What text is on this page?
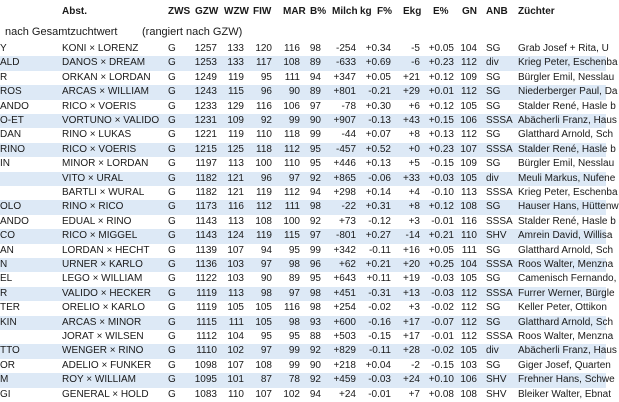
Abst.	ZWS GZW WZW FIW MAR B% Milch kg F% Ekg E% GN ANB Züchter
nach Gesamtzuchtwert (rangiert nach GZW)
Y	KONI × LORENZ	G	1257	133	120	116 98	-254 +0.34	-5 +0.05 104 SG	Grab Josef + Rita, U
ALD	DANOS × DREAM	G	1253	133	117	108 89	-633 +0.69	-6 +0.23 112 div	Krieg Peter, Eschenba
R	ORKAN × LORDAN	G	1249	119	95	111 94	+347 +0.05	+21 +0.12 109 SG	Bürgler Emil, Nesslau
ROS	ARCAS × WILLIAM	G	1243	115	96	90 89	+801	-0.21	+29 +0.01 112 SG	Niederberger Paul, Da
ANDO	RICO × VOERIS	G	1233	129	116	106 97	-78 +0.30	+6 +0.12 105 SG	Stalder René, Hasle b
O-ET	VORTUNO × VALIDO G	1231	109	92	99 90	+907	-0.13	+43 +0.15 106 SSSA Abächerli Franz, Haus
DAN	RINO × LUKAS	G	1221	119	110	118 99	-44 +0.07	+8 +0.13 112 SG	Glatthard Arnold, Sch
RINO	RICO × VOERIS	G	1215	125	118	112 95	-457 +0.52	+0 +0.23 107 SSSA Stalder René, Hasle b
IN	MINOR × LORDAN	G	1197	113	100	110 95	+446 +0.13	+5	-0.15 109 SG	Bürgler Emil, Nesslau
VITO × URAL	G	1182	121	96	97 92	+865	-0.06	+33 +0.03 105 div	Meuli Markus, Nufene
BARTLI × WURAL	G	1182	121	119	112 94	+298 +0.14	+4	-0.10 113 SSSA Krieg Peter, Eschenba
OLO	RINO × RICO	G	1173	116	112	111 98	-22 +0.31	+8 +0.12 108 SG	Hauser Hans, Hüttenw
ANDO	EDUAL × RINO	G	1143	113	108	100 92	+73	-0.12	+3	-0.01 116 SSSA Stalder René, Hasle b
CO	RICO × MIGGEL	G	1143	124	119	115 97	-801 +0.27	-14 +0.21 110 SHV	Amrein David, Willisa
AN	LORDAN × HECHT	G	1139	107	94	95 99	+342	-0.11	+16 +0.05 111 SG	Glatthard Arnold, Sch
N	URNER × KARLO	G	1136	103	97	98 96	+62 +0.21	+20 +0.25 104 SSSA Roos Walter, Menzna
EL	LEGO × WILLIAM	G	1122	103	90	89 95	+643	+0.11	+19	-0.03 105 SG	Camenisch Fernando,
R	VALIDO × HECKER	G	1119	113	98	97 98	+451	-0.31	+13	-0.03 112 SSSA Furrer Werner, Bürgle
TER	ORELIO × KARLO	G	1119	105	105	116 98	+254	-0.02	+3	-0.02 112 SG	Keller Peter, Ottikon
KIN	ARCAS × MINOR	G	1115	111	105	98 93	+600	-0.16	+17	-0.07 112 SG	Glatthard Arnold, Sch
JORAT × WILSEN	G	1112	104	95	95 88	+503	-0.15	+17	-0.01 112 SSSA Roos Walter, Menzna
TTO	WENGER × RINO	G	1110	102	97	99 92	+829	-0.11	+28	-0.02 105 div	Abächerli Franz, Haus
OR	ADELIO × FUNKER	G	1098	107	108	99 90	+218 +0.04	-2	-0.15 103 SG	Giger Josef, Quarten
M	ROY × WILLIAM	G	1095	101	87	78 92	+459	-0.03	+24 +0.10 106 SHV	Frehner Hans, Schwe
GI	GENERAL × HOLD	G	1083	110	107	102 94	+24	-0.01	+7 +0.08 108 SHV	Bleiker Walter, Ebnat
